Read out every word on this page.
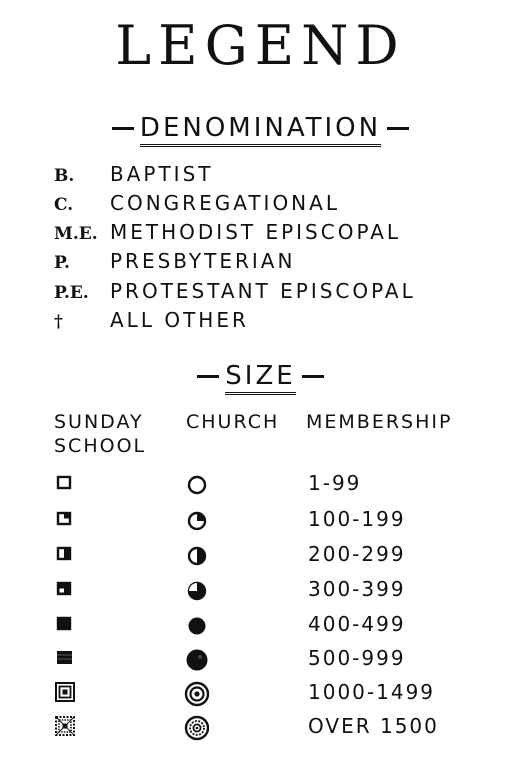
LEGEND
DENOMINATION
B. BAPTIST
C. CONGREGATIONAL
M.E. METHODIST EPISCOPAL
P. PRESBYTERIAN
P.E. PROTESTANT EPISCOPAL
† ALL OTHER
SIZE
SUNDAY
SCHOOL
CHURCH MEMBERSHIP
1-99
100-199
200-299
300-399
400-499
500-999
1000-1499
OVER 1500
